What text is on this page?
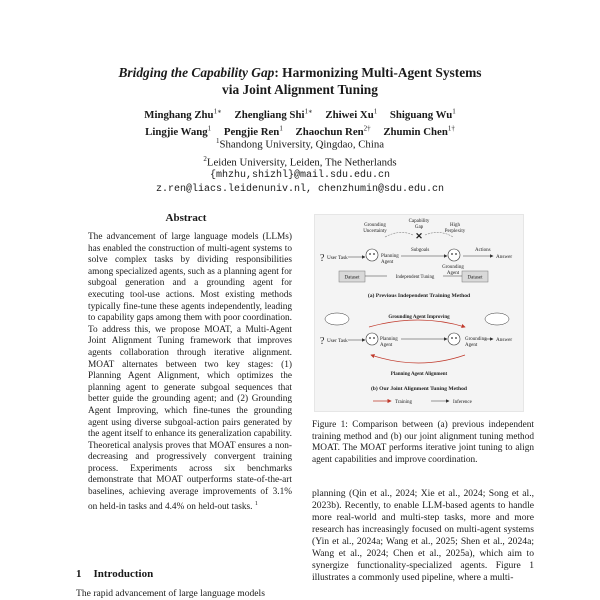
Bridging the Capability Gap: Harmonizing Multi-Agent Systems
via Joint Alignment Tuning
Minghang Zhu$^{1∗}$ Zhengliang Shi$^{1∗}$ Zhiwei Xu$^1$ Shiguang Wu$^1$
Lingjie Wang$^1$ Pengjie Ren$^1$ Zhaochun Ren$^{2\dagger}$ Zhumin Chen$^{1\dagger}$
$^1$Shandong University, Qingdao, China
$^2$Leiden University, Leiden, The Netherlands
{mhzhu,shizhl}@mail.sdu.edu.cn
z.ren@liacs.leidenuniv.nl, chenzhumin@sdu.edu.cn
Abstract
The advancement of large language models (LLMs) has enabled the construction of multi-agent systems to solve complex tasks by dividing responsibilities among specialized agents, such as a planning agent for subgoal generation and a grounding agent for executing tool-use actions. Most existing methods typically fine-tune these agents independently, leading to capability gaps among them with poor coordination. To address this, we propose MOAT, a Multi-Agent Joint Alignment Tuning framework that improves agents collaboration through iterative alignment. MOAT alternates between two key stages: (1) Planning Agent Alignment, which optimizes the planning agent to generate subgoal sequences that better guide the grounding agent; and (2) Grounding Agent Improving, which fine-tunes the grounding agent using diverse subgoal-action pairs generated by the agent itself to enhance its generalization capability. Theoretical analysis proves that MOAT ensures a non-decreasing and progressively convergent training process. Experiments across six benchmarks demonstrate that MOAT outperforms state-of-the-art baselines, achieving average improvements of 3.1% on held-in tasks and 4.4% on held-out tasks. $^1$
1 Introduction
The rapid advancement of large language models
Grounding
Uncertainty
Capability
Gap	High
Perplexity
✕
? User Task	Planning
Agent
Subgoals
Grounding
Agent
Actions
Answer
Dataset	Dataset
Independent Tuning
(a) Previous Independent Training Method
Grounding Agent Improving
? User Task	Planning
Agent
Grounding
Agent
Answer
Planning Agent Alignment
(b) Our Joint Alignment Tuning Method
Training	Inference
Figure 1: Comparison between (a) previous independent training method and (b) our joint alignment tuning method MOAT. The MOAT performs iterative joint tuning to align agent capabilities and improve coordination.
planning (Qin et al., 2024; Xie et al., 2024; Song et al., 2023b). Recently, to enable LLM-based agents to handle more real-world and multi-step tasks, more and more research has increasingly focused on multi-agent systems (Yin et al., 2024a; Wang et al., 2025; Shen et al., 2024a; Wang et al., 2024; Chen et al., 2025a), which aim to synergize functionality-specialized agents. Figure 1 illustrates a commonly used pipeline, where a multi-
